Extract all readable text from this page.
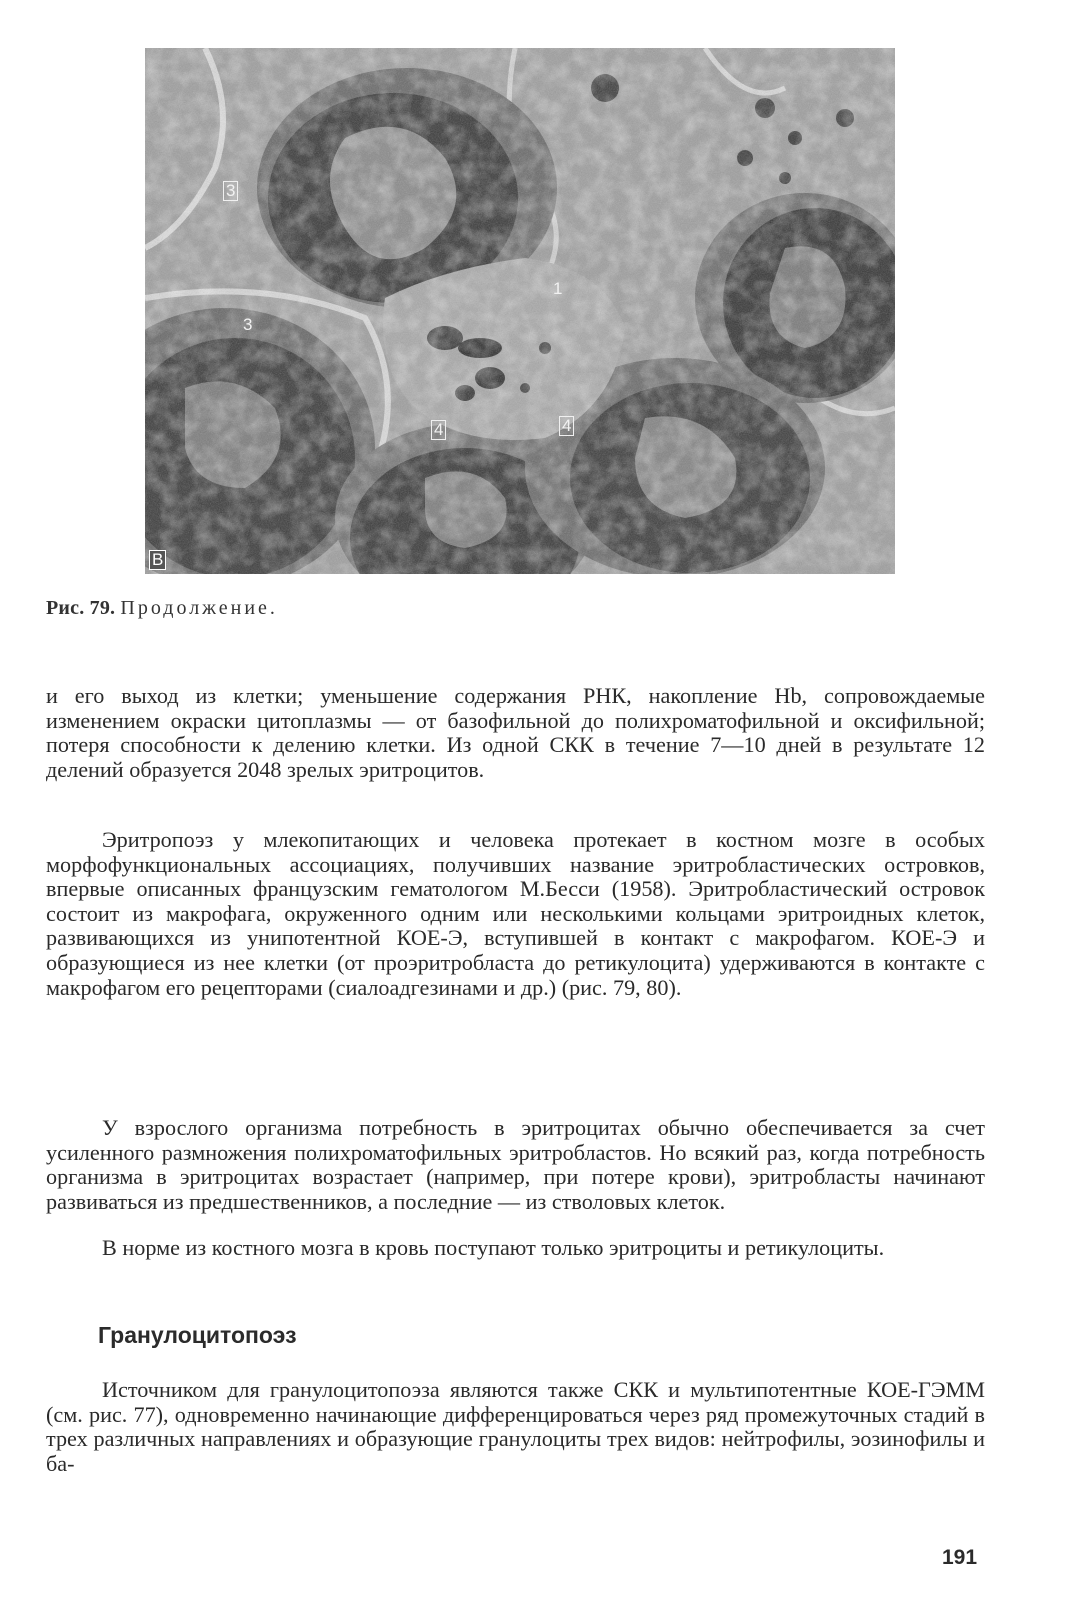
1
3
3
4	4
В
Рис. 79. Продолжение.

и его выход из клетки; уменьшение содержания РНК, накопление Hb, сопровождаемые изменением окраски цитоплазмы — от базофильной до полихроматофильной и оксифильной; потеря способности к делению клетки. Из одной СКК в течение 7—10 дней в результате 12 делений образуется 2048 зрелых эритроцитов.

Эритропоэз у млекопитающих и человека протекает в костном мозге в особых морфофункциональных ассоциациях, получивших название эритробластических островков, впервые описанных французским гематологом М.Бесси (1958). Эритробластический островок состоит из макрофага, окруженного одним или несколькими кольцами эритроидных клеток, развивающихся из унипотентной КОЕ-Э, вступившей в контакт с макрофагом. КОЕ-Э и образующиеся из нее клетки (от проэритробласта до ретикулоцита) удерживаются в контакте с макрофагом его рецепторами (сиалоадгезинами и др.) (рис. 79, 80).

У взрослого организма потребность в эритроцитах обычно обеспечивается за счет усиленного размножения полихроматофильных эритробластов. Но всякий раз, когда потребность организма в эритроцитах возрастает (например, при потере крови), эритробласты начинают развиваться из предшественников, а последние — из стволовых клеток.

В норме из костного мозга в кровь поступают только эритроциты и ретикулоциты.

Гранулоцитопоэз

Источником для гранулоцитопоэза являются также СКК и мультипотентные КОЕ-ГЭММ (см. рис. 77), одновременно начинающие дифференцироваться через ряд промежуточных стадий в трех различных направлениях и образующие гранулоциты трех видов: нейтрофилы, эозинофилы и ба-

191
